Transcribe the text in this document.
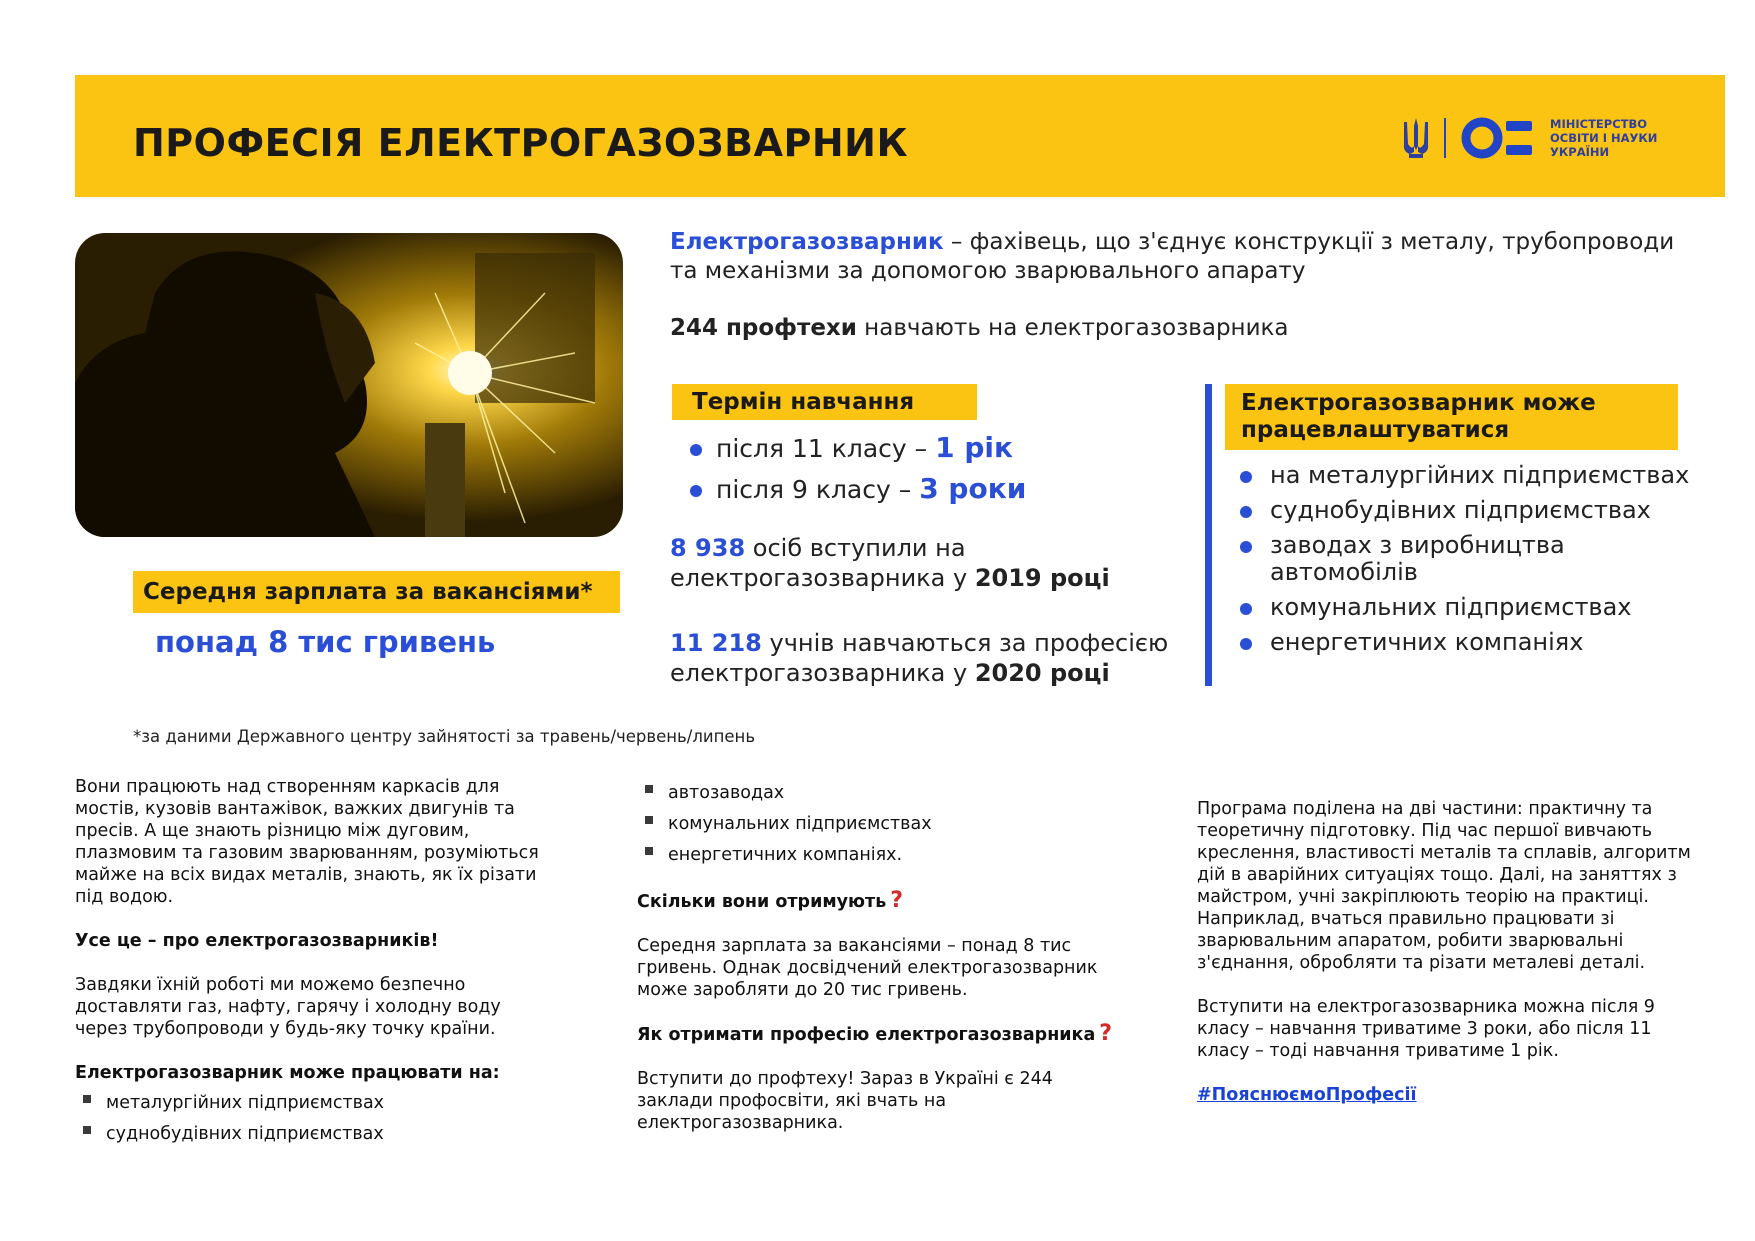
ПРОФЕСІЯ ЕЛЕКТРОГАЗОЗВАРНИК	МІНІСТЕРСТВО
ОСВІТИ І НАУКИ
УКРАЇНИ
Електрогазозварник – фахівець, що з'єднує конструкції з металу, трубопроводи та механізми за допомогою зварювального апарату
244 профтехи навчають на електрогазозварника
Термін навчання
після 11 класу – 1 рік
після 9 класу – 3 роки
8 938 осіб вступили на
електрогазозварника у 2019 році
11 218 учнів навчаються за професією
електрогазозварника у 2020 році
Електрогазозварник може працевлаштуватися
на металургійних підприємствах
суднобудівних підприємствах
заводах з виробництва автомобілів
комунальних підприємствах
енергетичних компаніях
Середня зарплата за вакансіями*
понад 8 тис гривень
*за даними Державного центру зайнятості за травень/червень/липень

Вони працюють над створенням каркасів для мостів, кузовів вантажівок, важких двигунів та пресів. А ще знають різницю між дуговим, плазмовим та газовим зварюванням, розуміються майже на всіх видах металів, знають, як їх різати під водою.

Усе це – про електрогазозварників!

Завдяки їхній роботі ми можемо безпечно доставляти газ, нафту, гарячу і холодну воду через трубопроводи у будь-яку точку країни.

Електрогазозварник може працювати на:

металургійних підприємствах
суднобудівних підприємствах
автозаводах
комунальних підприємствах
енергетичних компаніях.

Скільки вони отримують ?

Середня зарплата за вакансіями – понад 8 тис гривень. Однак досвідчений електрогазозварник може заробляти до 20 тис гривень.

Як отримати професію електрогазозварника ?

Вступити до профтеху! Зараз в Україні є 244 заклади профосвіти, які вчать на електрогазозварника.

Програма поділена на дві частини: практичну та теоретичну підготовку. Під час першої вивчають креслення, властивості металів та сплавів, алгоритм дій в аварійних ситуаціях тощо. Далі, на заняттях з майстром, учні закріплюють теорію на практиці. Наприклад, вчаться правильно працювати зі зварювальним апаратом, робити зварювальні з'єднання, обробляти та різати металеві деталі.

Вступити на електрогазозварника можна після 9 класу – навчання триватиме 3 роки, або після 11 класу – тоді навчання триватиме 1 рік.

#ПояснюємоПрофесії
